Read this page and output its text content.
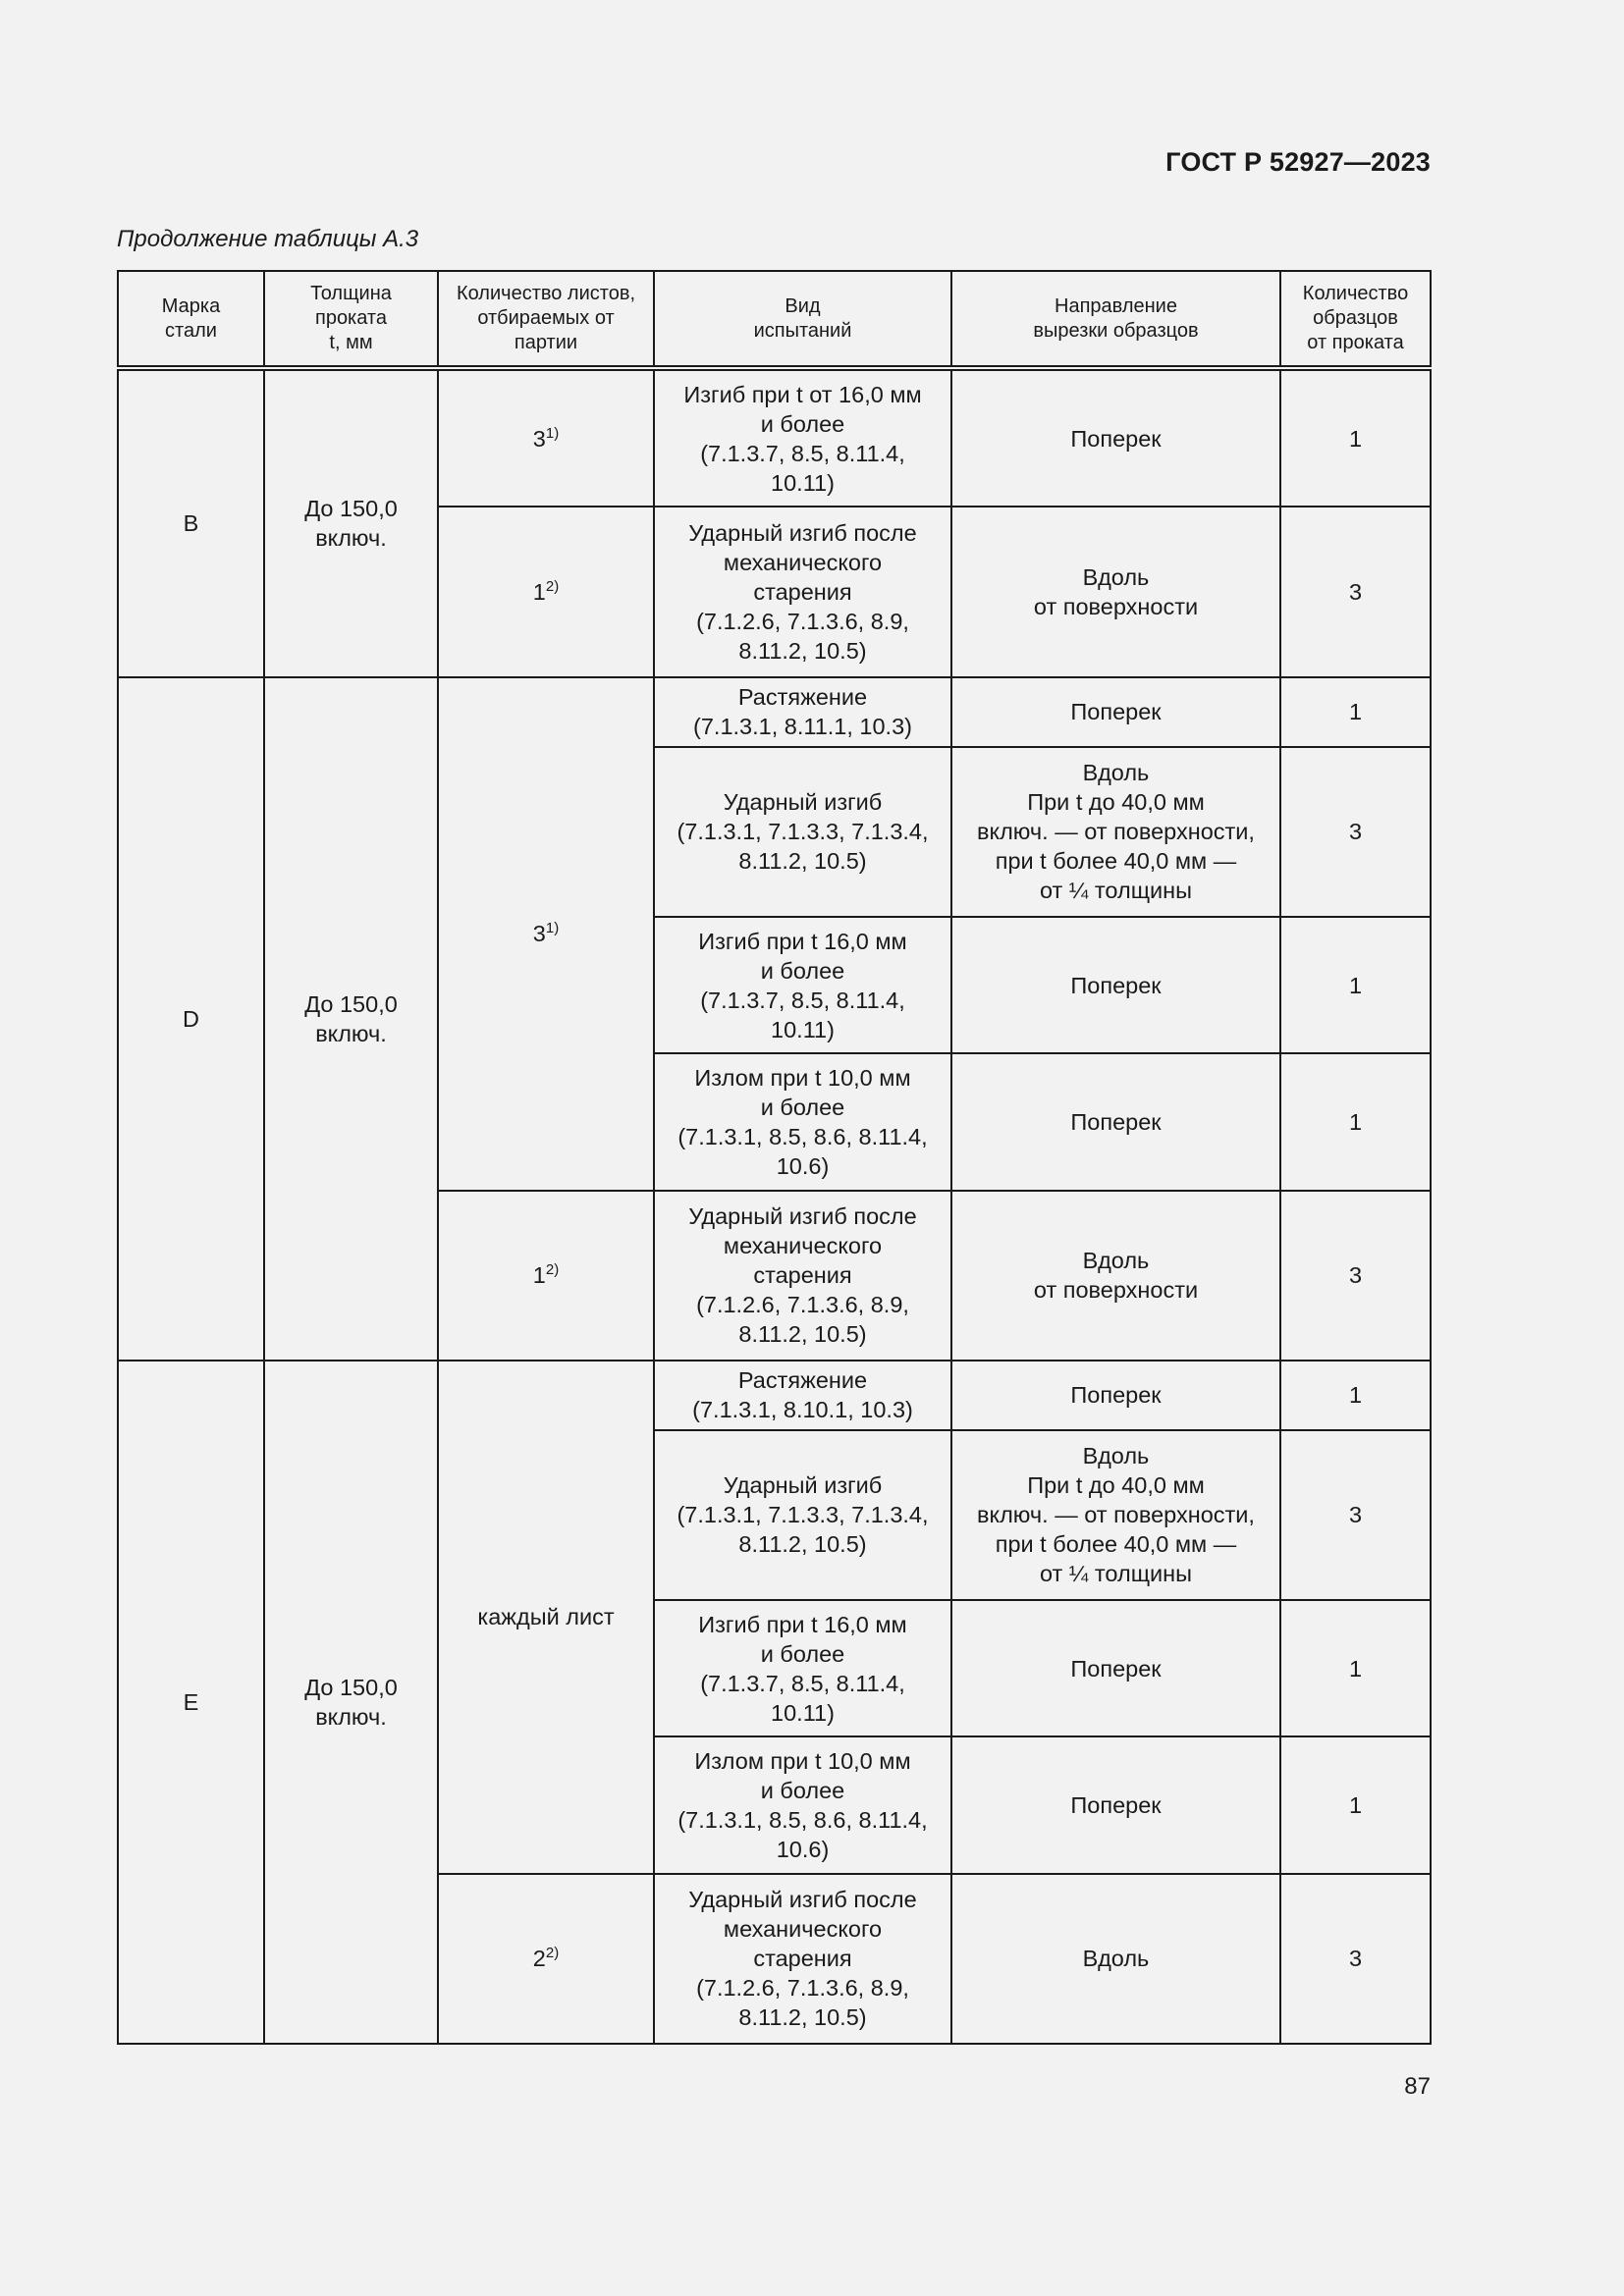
ГОСТ Р 52927—2023
Продолжение таблицы А.3
Марка
стали	Толщина
проката
t, мм	Количество листов,
отбираемых от
партии	Вид
испытаний	Направление
вырезки образцов	Количество
образцов
от проката
B	До 150,0
включ.	3$^{1)}$	Изгиб при t от 16,0 мм
и более
(7.1.3.7, 8.5, 8.11.4,
10.11)	Поперек	1
		1$^{2)}$	Ударный изгиб после
механического
старения
(7.1.2.6, 7.1.3.6, 8.9,
8.11.2, 10.5)	Вдоль
от поверхности	3
D	До 150,0
включ.	3$^{1)}$	Растяжение
(7.1.3.1, 8.11.1, 10.3)	Поперек	1
			Ударный изгиб
(7.1.3.1, 7.1.3.3, 7.1.3.4,
8.11.2, 10.5)	Вдоль
При t до 40,0 мм
включ. — от поверхности,
при t более 40,0 мм —
от ¼ толщины	3
			Изгиб при t 16,0 мм
и более
(7.1.3.7, 8.5, 8.11.4,
10.11)	Поперек	1
			Излом при t 10,0 мм
и более
(7.1.3.1, 8.5, 8.6, 8.11.4,
10.6)	Поперек	1
		1$^{2)}$	Ударный изгиб после
механического
старения
(7.1.2.6, 7.1.3.6, 8.9,
8.11.2, 10.5)	Вдоль
от поверхности	3
E	До 150,0
включ.	каждый лист	Растяжение
(7.1.3.1, 8.10.1, 10.3)	Поперек	1
			Ударный изгиб
(7.1.3.1, 7.1.3.3, 7.1.3.4,
8.11.2, 10.5)	Вдоль
При t до 40,0 мм
включ. — от поверхности,
при t более 40,0 мм —
от ¼ толщины	3
			Изгиб при t 16,0 мм
и более
(7.1.3.7, 8.5, 8.11.4,
10.11)	Поперек	1
			Излом при t 10,0 мм
и более
(7.1.3.1, 8.5, 8.6, 8.11.4,
10.6)	Поперек	1
		2$^{2)}$	Ударный изгиб после
механического
старения
(7.1.2.6, 7.1.3.6, 8.9,
8.11.2, 10.5)	Вдоль	3
87
